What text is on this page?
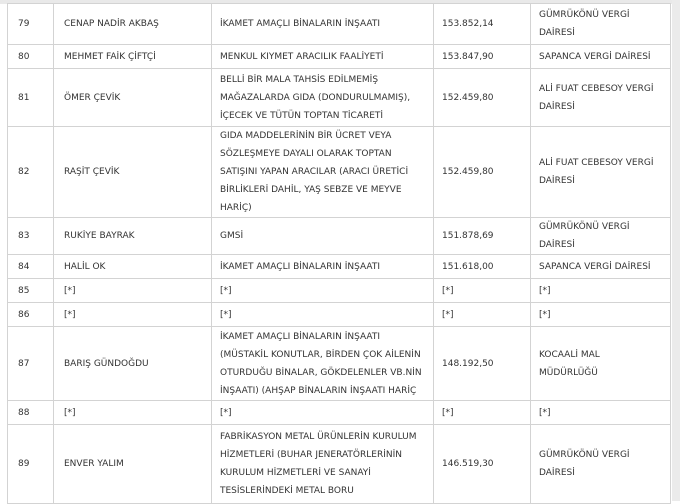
79	CENAP NADİR AKBAŞ	İKAMET AMAÇLI BİNALARIN İNŞAATI	153.852,14	GÜMRÜKÖNÜ VERGİ
DAİRESİ

80	MEHMET FAİK ÇİFTÇİ	MENKUL KIYMET ARACILIK FAALİYETİ	153.847,90	SAPANCA VERGİ DAİRESİ

81	ÖMER ÇEVİK	BELLİ BİR MALA TAHSİS EDİLMEMİŞ
MAĞAZALARDA GIDA (DONDURULMAMIŞ),
İÇECEK VE TÜTÜN TOPTAN TİCARETİ	152.459,80	ALİ FUAT CEBESOY VERGİ
DAİRESİ

82	RAŞİT ÇEVİK	GIDA MADDELERİNİN BİR ÜCRET VEYA
SÖZLEŞMEYE DAYALI OLARAK TOPTAN
SATIŞINI YAPAN ARACILAR (ARACI ÜRETİCİ
BİRLİKLERİ DAHİL, YAŞ SEBZE VE MEYVE
HARİÇ)	152.459,80	ALİ FUAT CEBESOY VERGİ
DAİRESİ

83	RUKİYE BAYRAK	GMSİ	151.878,69	GÜMRÜKÖNÜ VERGİ
DAİRESİ

84	HALİL OK	İKAMET AMAÇLI BİNALARIN İNŞAATI	151.618,00	SAPANCA VERGİ DAİRESİ

85	[*]	[*]	[*]	[*]

86	[*]	[*]	[*]	[*]

87	BARIŞ GÜNDOĞDU	İKAMET AMAÇLI BİNALARIN İNŞAATI
(MÜSTAKİL KONUTLAR, BİRDEN ÇOK AİLENİN
OTURDUĞU BİNALAR, GÖKDELENLER VB.NİN
İNŞAATI) (AHŞAP BİNALARIN İNŞAATI HARİÇ	148.192,50	KOCAALİ MAL
MÜDÜRLÜĞÜ

88	[*]	[*]	[*]	[*]

89	ENVER YALIM	FABRİKASYON METAL ÜRÜNLERİN KURULUM
HİZMETLERİ (BUHAR JENERATÖRLERİNİN
KURULUM HİZMETLERİ VE SANAYİ
TESİSLERİNDEKİ METAL BORU	146.519,30	GÜMRÜKÖNÜ VERGİ
DAİRESİ
